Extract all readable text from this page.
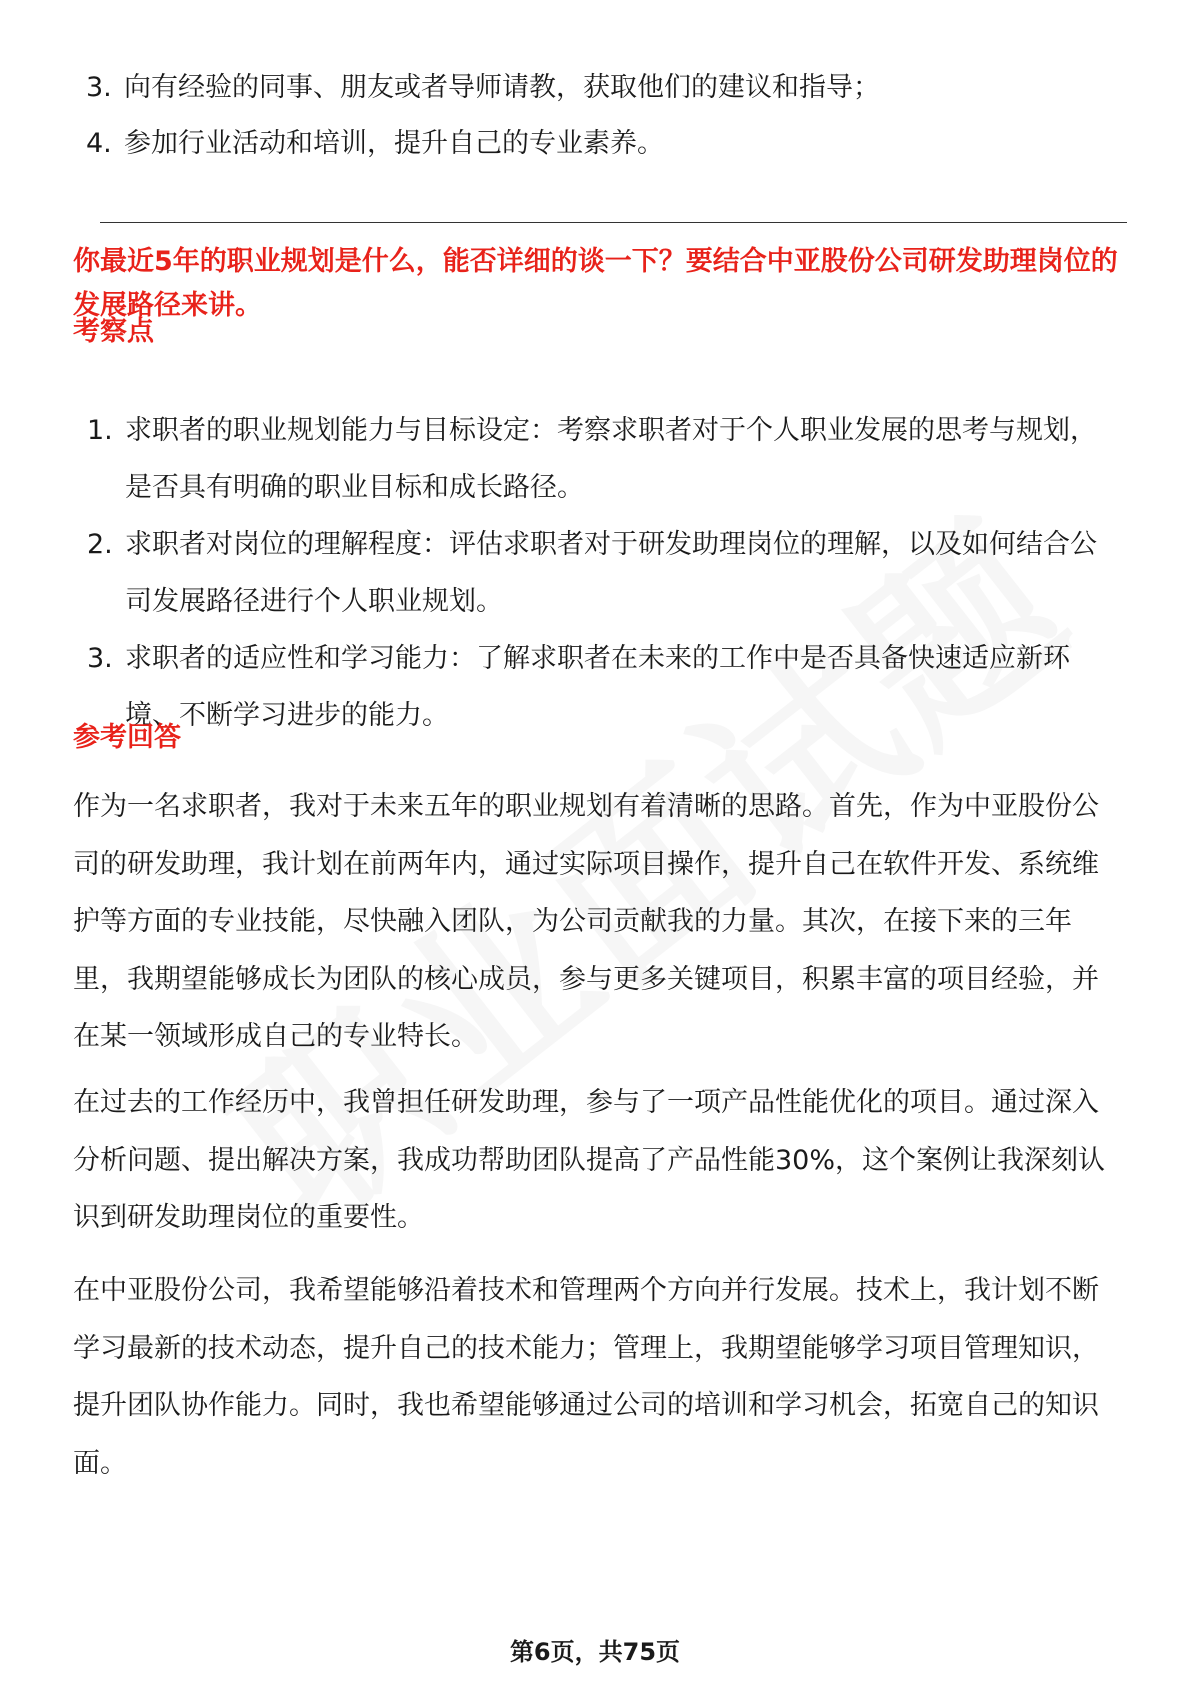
3. 向有经验的同事、朋友或者导师请教，获取他们的建议和指导；
4. 参加行业活动和培训，提升自己的专业素养。
你最近5年的职业规划是什么，能否详细的谈一下？要结合中亚股份公司研发助理岗位的发展路径来讲。
考察点
1. 求职者的职业规划能力与目标设定：考察求职者对于个人职业发展的思考与规划，是否具有明确的职业目标和成长路径。
2. 求职者对岗位的理解程度：评估求职者对于研发助理岗位的理解，以及如何结合公司发展路径进行个人职业规划。
3. 求职者的适应性和学习能力：了解求职者在未来的工作中是否具备快速适应新环境、不断学习进步的能力。
参考回答

作为一名求职者，我对于未来五年的职业规划有着清晰的思路。首先，作为中亚股份公司的研发助理，我计划在前两年内，通过实际项目操作，提升自己在软件开发、系统维护等方面的专业技能，尽快融入团队，为公司贡献我的力量。其次，在接下来的三年里，我期望能够成长为团队的核心成员，参与更多关键项目，积累丰富的项目经验，并在某一领域形成自己的专业特长。

在过去的工作经历中，我曾担任研发助理，参与了一项产品性能优化的项目。通过深入分析问题、提出解决方案，我成功帮助团队提高了产品性能30%，这个案例让我深刻认识到研发助理岗位的重要性。

在中亚股份公司，我希望能够沿着技术和管理两个方向并行发展。技术上，我计划不断学习最新的技术动态，提升自己的技术能力；管理上，我期望能够学习项目管理知识，提升团队协作能力。同时，我也希望能够通过公司的培训和学习机会，拓宽自己的知识面。

第6页，共75页
